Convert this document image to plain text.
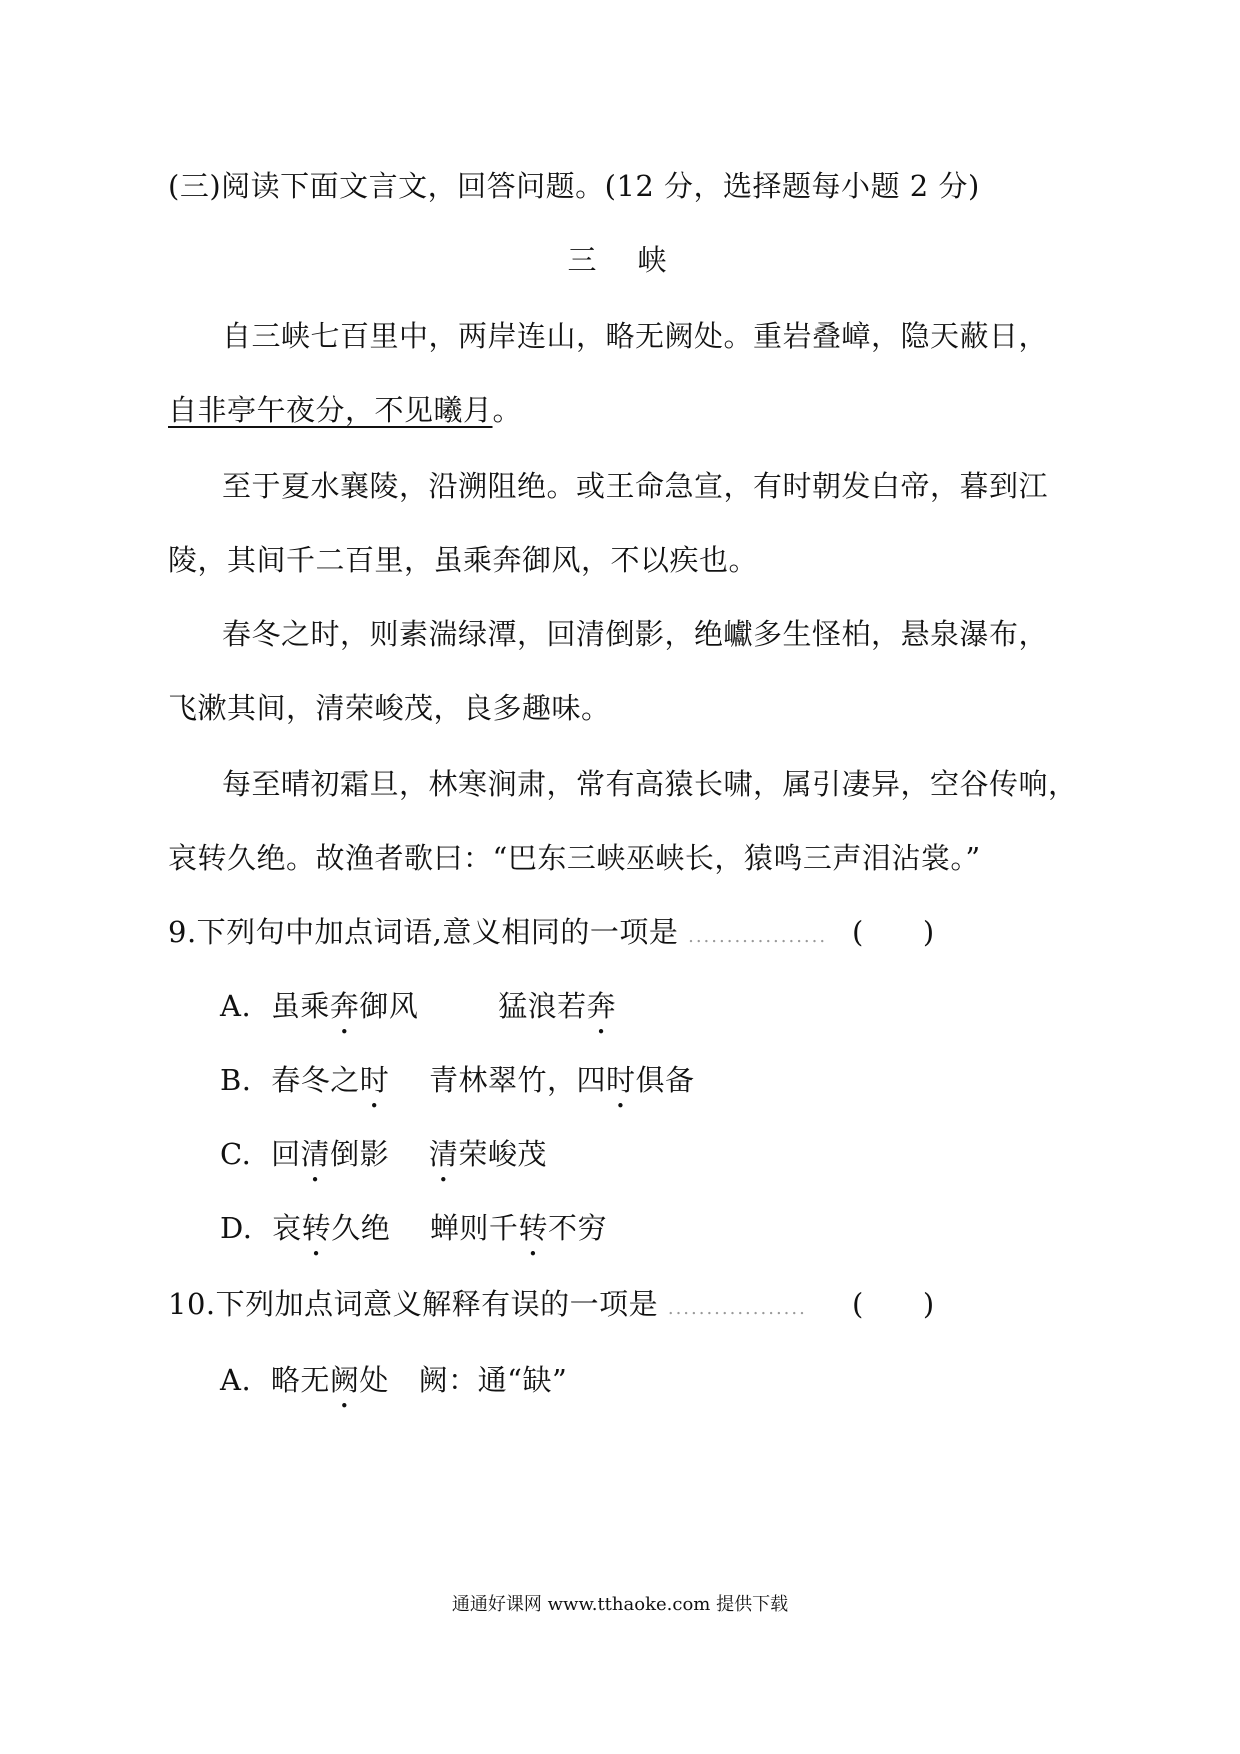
(三)阅读下面文言文，回答问题。(12 分，选择题每小题 2 分)
三　峡
自三峡七百里中，两岸连山，略无阙处。重岩叠嶂，隐天蔽日，
自非亭午夜分，不见曦月。
至于夏水襄陵，沿溯阻绝。或王命急宣，有时朝发白帝，暮到江
陵，其间千二百里，虽乘奔御风，不以疾也。
春冬之时，则素湍绿潭，回清倒影，绝巘多生怪柏，悬泉瀑布，
飞漱其间，清荣峻茂，良多趣味。
每至晴初霜旦，林寒涧肃，常有高猿长啸，属引凄异，空谷传响，
哀转久绝。故渔者歌曰：“巴东三峡巫峡长，猿鸣三声泪沾裳。”
9.下列句中加点词语,意义相同的一项是 .................. (　　)
A. 虽乘奔御风	猛浪若奔
B. 春冬之时 青林翠竹，四时俱备
C. 回清倒影 清荣峻茂
D. 哀转久绝 蝉则千转不穷
10.下列加点词意义解释有误的一项是 .................. (　　)
A. 略无阙处 阙：通“缺”
通通好课网 www.tthaoke.com 提供下载
